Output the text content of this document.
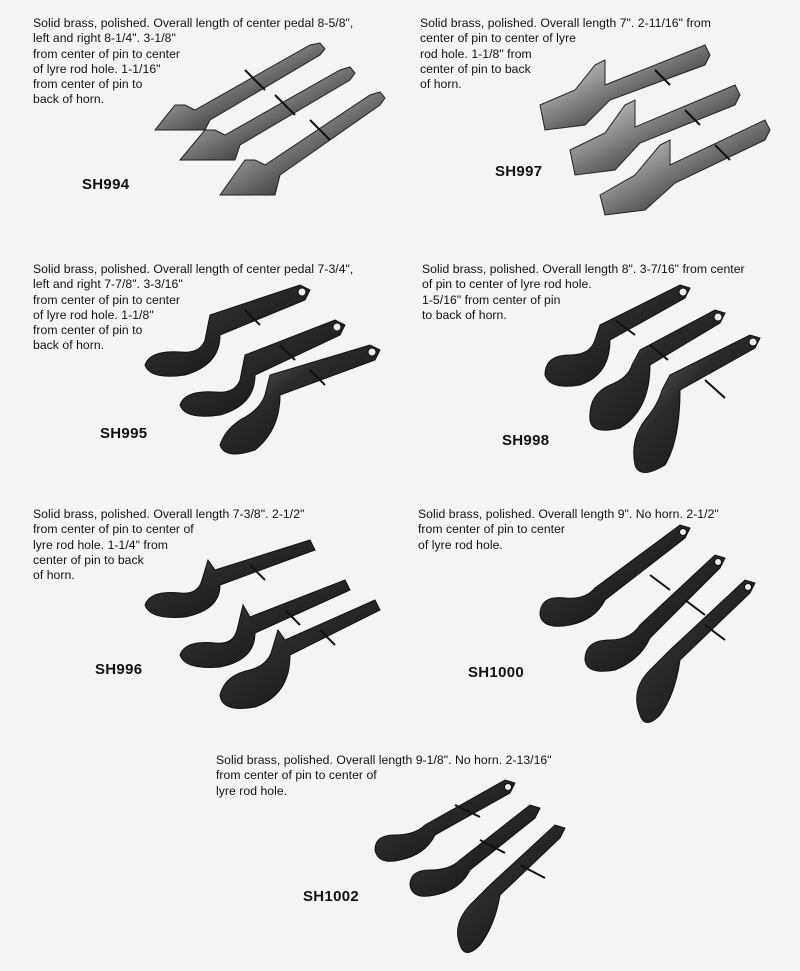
Solid brass, polished. Overall length of center pedal 8-5/8",
left and right 8-1/4". 3-1/8"
from center of pin to center
of lyre rod hole. 1-1/16"
from center of pin to
back of horn.

SH994

Solid brass, polished. Overall length 7". 2-11/16" from
center of pin to center of lyre
rod hole. 1-1/8" from
center of pin to back
of horn.

SH997

Solid brass, polished. Overall length of center pedal 7-3/4",
left and right 7-7/8". 3-3/16"
from center of pin to center
of lyre rod hole. 1-1/8"
from center of pin to
back of horn.

SH995

Solid brass, polished. Overall length 8". 3-7/16" from center
of pin to center of lyre rod hole.
1-5/16" from center of pin
to back of horn.

SH998

Solid brass, polished. Overall length 7-3/8". 2-1/2"
from center of pin to center of
lyre rod hole. 1-1/4" from
center of pin to back
of horn.

SH996

Solid brass, polished. Overall length 9". No horn. 2-1/2"
from center of pin to center
of lyre rod hole.

SH1000

Solid brass, polished. Overall length 9-1/8". No horn. 2-13/16"
from center of pin to center of
lyre rod hole.

SH1002
